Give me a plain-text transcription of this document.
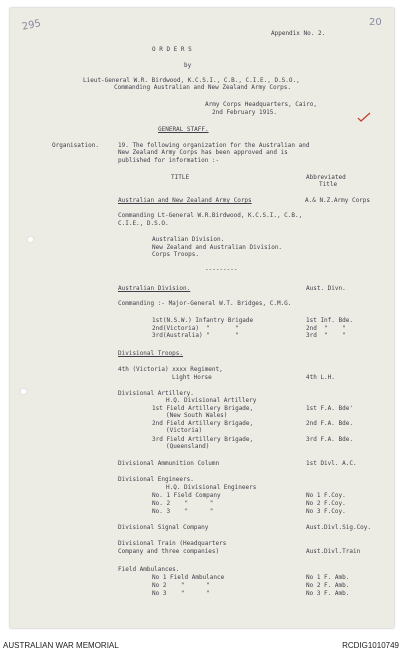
295	20
Appendix No. 2.
O R D E R S
by
Lieut-General W.R. Birdwood, K.C.S.I., C.B., C.I.E., D.S.O.,
Commanding Australian and New Zealand Army Corps.
Army Corps Headquarters, Cairo,
2nd February 1915.
GENERAL STAFF.
Organisation.	19. The following organization for the Australian and
New Zealand Army Corps has been approved and is
published for information :-
TITLE	Abbreviated
Title
Australian and New Zealand Army Corps	A.& N.Z.Army Corps
Commanding Lt-General W.R.Birdwood, K.C.S.I., C.B.,
C.I.E., D.S.O.
Australian Division.
New Zealand and Australian Division.
Corps Troops.
---------
Australian Division.	Aust. Divn.
Commanding :- Major-General W.T. Bridges, C.M.G.
1st(N.S.W.) Infantry Brigade	1st Inf. Bde.
2nd(Victoria)  "       "	2nd  "    "
3rd(Australia) "       "	3rd  "    "
Divisional Troops.
4th (Victoria) xxxx Regiment,
Light Horse	4th L.H.
Divisional Artillery.
H.Q. Divisional Artillery
1st Field Artillery Brigade,	1st F.A. Bde'
(New South Wales)
2nd Field Artillery Brigade,	2nd F.A. Bde.
(Victoria)
3rd Field Artillery Brigade,	3rd F.A. Bde.
(Queensland)
Divisional Ammunition Column	1st Divl. A.C.
Divisional Engineers.
H.Q. Divisional Engineers
No. 1 Field Company	No 1 F.Coy.
No. 2    "      "	No 2 F.Coy.
No. 3    "      "	No 3 F.Coy.
Divisional Signal Company	Aust.Divl.Sig.Coy.
Divisional Train (Headquarters
Company and three companies)	Aust.Divl.Train
Field Ambulances.
No 1 Field Ambulance	No 1 F. Amb.
No 2    "      "	No 2 F. Amb.
No 3    "      "	No 3 F. Amb.
AUSTRALIAN WAR MEMORIAL	RCDIG1010749
